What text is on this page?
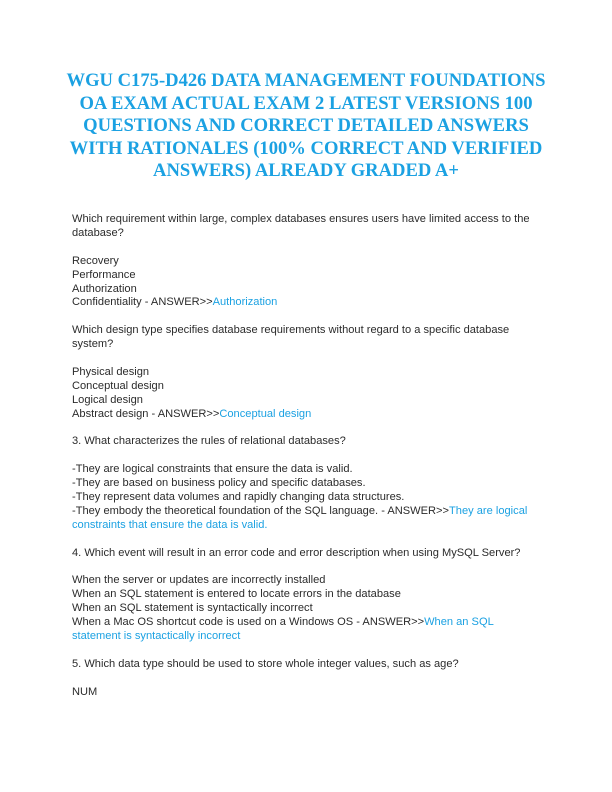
WGU C175-D426 DATA MANAGEMENT FOUNDATIONS OA EXAM ACTUAL EXAM 2 LATEST VERSIONS 100 QUESTIONS AND CORRECT DETAILED ANSWERS WITH RATIONALES (100% CORRECT AND VERIFIED ANSWERS) ALREADY GRADED A+

Which requirement within large, complex databases ensures users have limited access to the database?

Recovery

Performance

Authorization

Confidentiality - ANSWER>>Authorization

Which design type specifies database requirements without regard to a specific database system?

Physical design

Conceptual design

Logical design

Abstract design - ANSWER>>Conceptual design

3. What characterizes the rules of relational databases?

-They are logical constraints that ensure the data is valid.

-They are based on business policy and specific databases.

-They represent data volumes and rapidly changing data structures.

-They embody the theoretical foundation of the SQL language. - ANSWER>>They are logical constraints that ensure the data is valid.

4. Which event will result in an error code and error description when using MySQL Server?

When the server or updates are incorrectly installed

When an SQL statement is entered to locate errors in the database

When an SQL statement is syntactically incorrect

When a Mac OS shortcut code is used on a Windows OS - ANSWER>>When an SQL statement is syntactically incorrect

5. Which data type should be used to store whole integer values, such as age?

NUM
